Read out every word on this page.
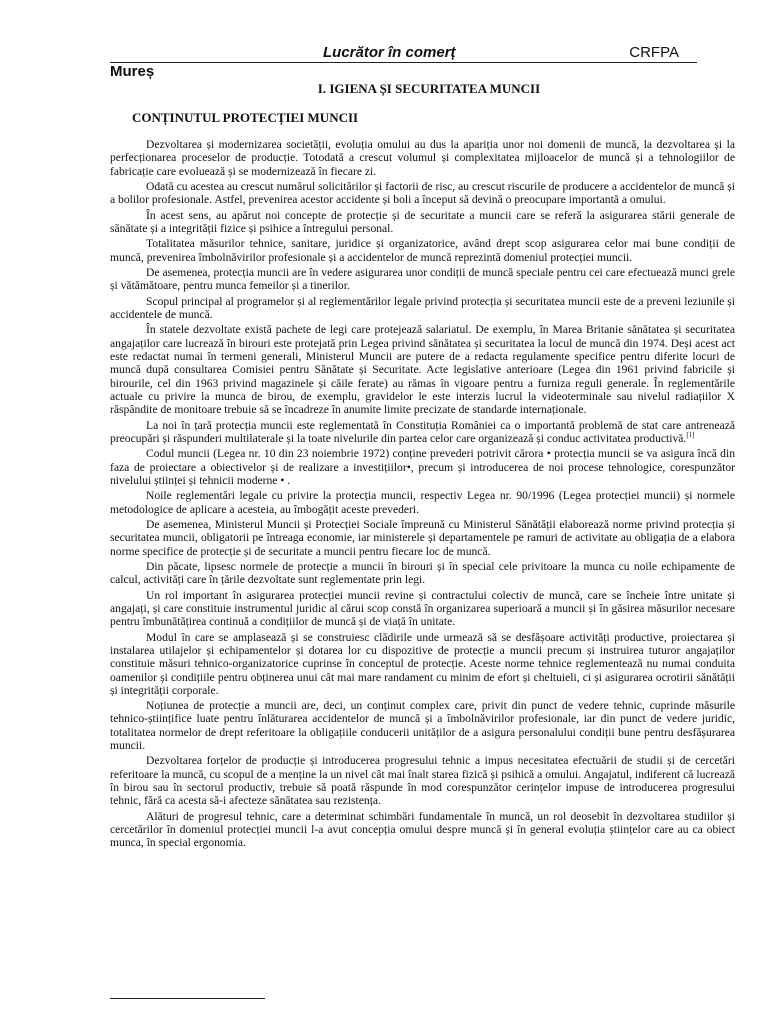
Lucrător în comerț	CRFPA
Mureș
I. IGIENA ȘI SECURITATEA MUNCII
CONȚINUTUL PROTECȚIEI MUNCII

Dezvoltarea și modernizarea societății, evoluția omului au dus la apariția unor noi domenii de muncă, la dezvoltarea și la perfecționarea proceselor de producție. Totodată a crescut volumul și complexitatea mijloacelor de muncă și a tehnologiilor de fabricație care evoluează și se modernizează în fiecare zi.

Odată cu acestea au crescut numărul solicitărilor și factorii de risc, au crescut riscurile de producere a accidentelor de muncă și a bolilor profesionale. Astfel, prevenirea acestor accidente și boli a început să devină o preocupare importantă a omului.

În acest sens, au apărut noi concepte de protecție și de securitate a muncii care se referă la asigurarea stării generale de sănătate și a integrității fizice și psihice a întregului personal.

Totalitatea măsurilor tehnice, sanitare, juridice și organizatorice, având drept scop asigurarea celor mai bune condiții de muncă, prevenirea îmbolnăvirilor profesionale și a accidentelor de muncă reprezintă domeniul protecției muncii.

De asemenea, protecția muncii are în vedere asigurarea unor condiții de muncă speciale pentru cei care efectuează munci grele și vătămătoare, pentru munca femeilor și a tinerilor.

Scopul principal al programelor și al reglementărilor legale privind protecția și securitatea muncii este de a preveni leziunile și accidentele de muncă.

În statele dezvoltate există pachete de legi care protejează salariatul. De exemplu, în Marea Britanie sănătatea și securitatea angajaților care lucrează în birouri este protejată prin Legea privind sănătatea și securitatea la locul de muncă din 1974. Deși acest act este redactat numai în termeni generali, Ministerul Muncii are putere de a redacta regulamente specifice pentru diferite locuri de muncă după consultarea Comisiei pentru Sănătate și Securitate. Acte legislative anterioare (Legea din 1961 privind fabricile și birourile, cel din 1963 privind magazinele și căile ferate) au rămas în vigoare pentru a furniza reguli generale. În reglementările actuale cu privire la munca de birou, de exemplu, gravidelor le este interzis lucrul la videoterminale sau nivelul radiațiilor X răspândite de monitoare trebuie să se încadreze în anumite limite precizate de standarde internaționale.

La noi în țară protecția muncii este reglementată în Constituția României ca o importantă problemă de stat care antrenează preocupări și răspunderi multilaterale și la toate nivelurile din partea celor care organizează și conduc activitatea productivă.[1]

Codul muncii (Legea nr. 10 din 23 noiembrie 1972) conține prevederi potrivit cărora • protecția muncii se va asigura încă din faza de proiectare a obiectivelor și de realizare a investițiilor•, precum și introducerea de noi procese tehnologice, corespunzător nivelului științei și tehnicii moderne • .

Noile reglementări legale cu privire la protecția muncii, respectiv Legea nr. 90/1996 (Legea protecției muncii) și normele metodologice de aplicare a acesteia, au îmbogățit aceste prevederi.

De asemenea, Ministerul Muncii și Protecției Sociale împreună cu Ministerul Sănătății elaborează norme privind protecția și securitatea muncii, obligatorii pe întreaga economie, iar ministerele și departamentele pe ramuri de activitate au obligația de a elabora norme specifice de protecție și de securitate a muncii pentru fiecare loc de muncă.

Din păcate, lipsesc normele de protecție a muncii în birouri și în special cele privitoare la munca cu noile echipamente de calcul, activități care în țările dezvoltate sunt reglementate prin legi.

Un rol important în asigurarea protecției muncii revine și contractului colectiv de muncă, care se încheie între unitate și angajați, și care constituie instrumentul juridic al cărui scop constă în organizarea superioară a muncii și în găsirea măsurilor necesare pentru îmbunătățirea continuă a condițiilor de muncă și de viață în unitate.

Modul în care se amplasează și se construiesc clădirile unde urmează să se desfășoare activități productive, proiectarea și instalarea utilajelor și echipamentelor și dotarea lor cu dispozitive de protecție a muncii precum și instruirea tuturor angajaților constituie măsuri tehnico-organizatorice cuprinse în conceptul de protecție. Aceste norme tehnice reglementează nu numai conduita oamenilor și condițiile pentru obținerea unui cât mai mare randament cu minim de efort și cheltuieli, ci și asigurarea ocrotirii sănătății și integrității corporale.

Noțiunea de protecție a muncii are, deci, un conținut complex care, privit din punct de vedere tehnic, cuprinde măsurile tehnico-științifice luate pentru înlăturarea accidentelor de muncă și a îmbolnăvirilor profesionale, iar din punct de vedere juridic, totalitatea normelor de drept referitoare la obligațiile conducerii unităților de a asigura personalului condiții bune pentru desfășurarea muncii.

Dezvoltarea forțelor de producție și introducerea progresului tehnic a impus necesitatea efectuării de studii și de cercetări referitoare la muncă, cu scopul de a menține la un nivel cât mai înalt starea fizică și psihică a omului. Angajatul, indiferent că lucrează în birou sau în sectorul productiv, trebuie să poată răspunde în mod corespunzător cerințelor impuse de introducerea progresului tehnic, fără ca acesta să-i afecteze sănătatea sau rezistența.

Alături de progresul tehnic, care a determinat schimbări fundamentale în muncă, un rol deosebit în dezvoltarea studiilor și cercetărilor în domeniul protecției muncii l-a avut concepția omului despre muncă și în general evoluția științelor care au ca obiect munca, în special ergonomia.
